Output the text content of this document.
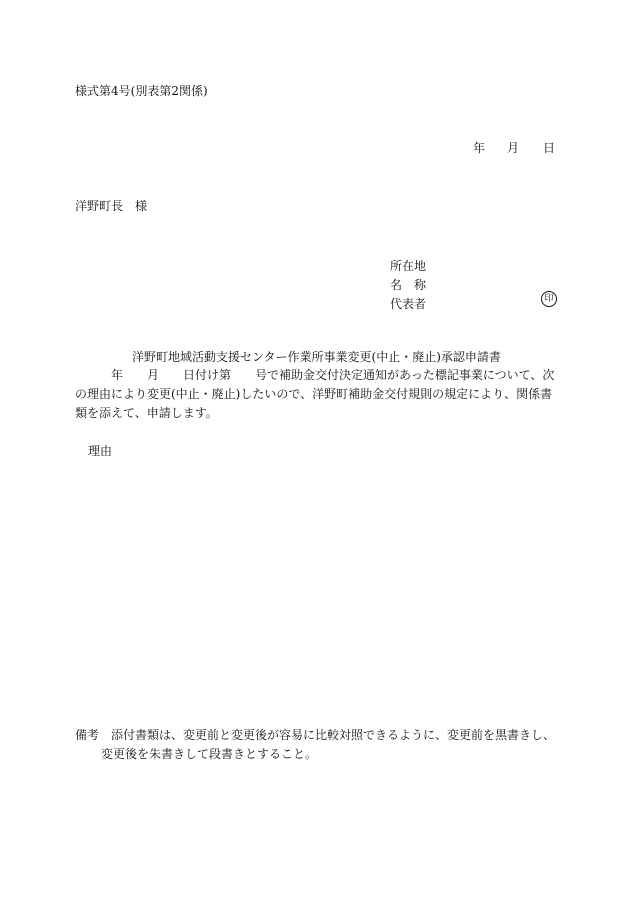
様式第4号(別表第2関係)
年 月 日
洋野町長　様
所在地
名　称
代表者	印
洋野町地域活動支援センター作業所事業変更(中止・廃止)承認申請書
　　　年　　月　　日付け第　　号で補助金交付決定通知があった標記事業について、次
の理由により変更(中止・廃止)したいので、洋野町補助金交付規則の規定により、関係書
類を添えて、申請します。
理由
備考　添付書類は、変更前と変更後が容易に比較対照できるように、変更前を黒書きし、
変更後を朱書きして段書きとすること。
